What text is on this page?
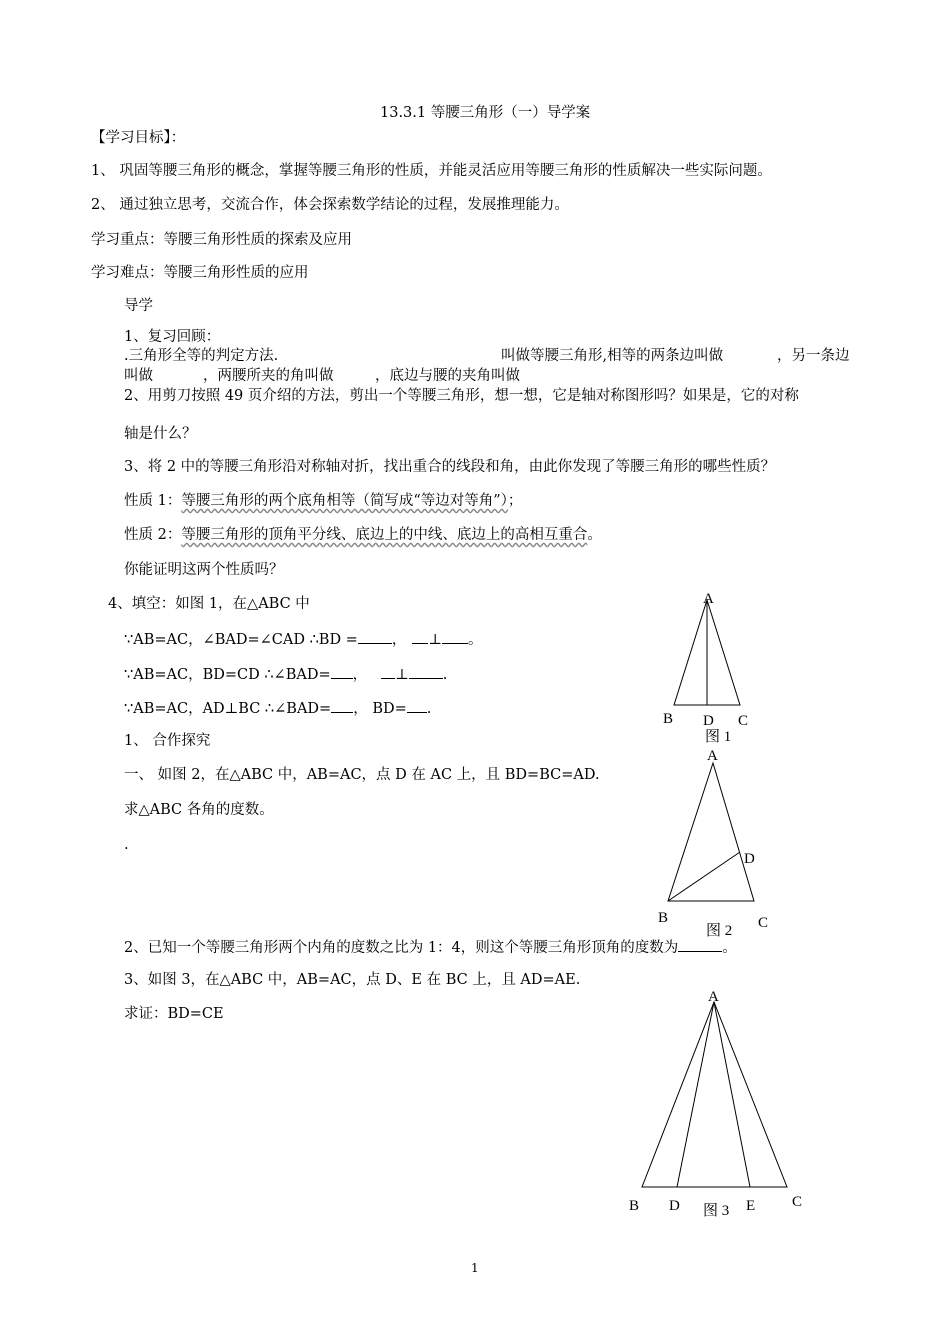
13.3.1 等腰三角形（一）导学案
【学习目标】：
1、 巩固等腰三角形的概念，掌握等腰三角形的性质，并能灵活应用等腰三角形的性质解决一些实际问题。
2、 通过独立思考，交流合作，体会探索数学结论的过程，发展推理能力。
学习重点：等腰三角形性质的探索及应用
学习难点：等腰三角形性质的应用
导学
1、复习回顾：
.三角形全等的判定方法.	叫做等腰三角形,相等的两条边叫做	，另一条边
叫做	，两腰所夹的角叫做	，底边与腰的夹角叫做
2、用剪刀按照 49 页介绍的方法，剪出一个等腰三角形，想一想，它是轴对称图形吗？如果是，它的对称
轴是什么？
3、将 2 中的等腰三角形沿对称轴对折，找出重合的线段和角，由此你发现了等腰三角形的哪些性质？
性质 1：等腰三角形的两个底角相等（简写成“等边对等角”）；
性质 2：等腰三角形的顶角平分线、底边上的中线、底边上的高相互重合。
你能证明这两个性质吗？
4、填空：如图 1，在△ABC 中
∵AB=AC，∠BAD=∠CAD ∴BD = ， ⊥ 。
∵AB=AC，BD=CD ∴∠BAD= ， ⊥ .
∵AB=AC，AD⊥BC ∴∠BAD= ， BD= .
1、 合作探究
一、 如图 2，在△ABC 中，AB=AC，点 D 在 AC 上，且 BD=BC=AD.
求△ABC 各角的度数。
.
2、已知一个等腰三角形两个内角的度数之比为 1：4，则这个等腰三角形顶角的度数为	。
3、如图 3，在△ABC 中，AB=AC，点 D、E 在 BC 上，且 AD=AE.
求证：BD=CE
A
B D C
图 1
A
D
B	C
图 2
A
B D 图 3 E C
1
